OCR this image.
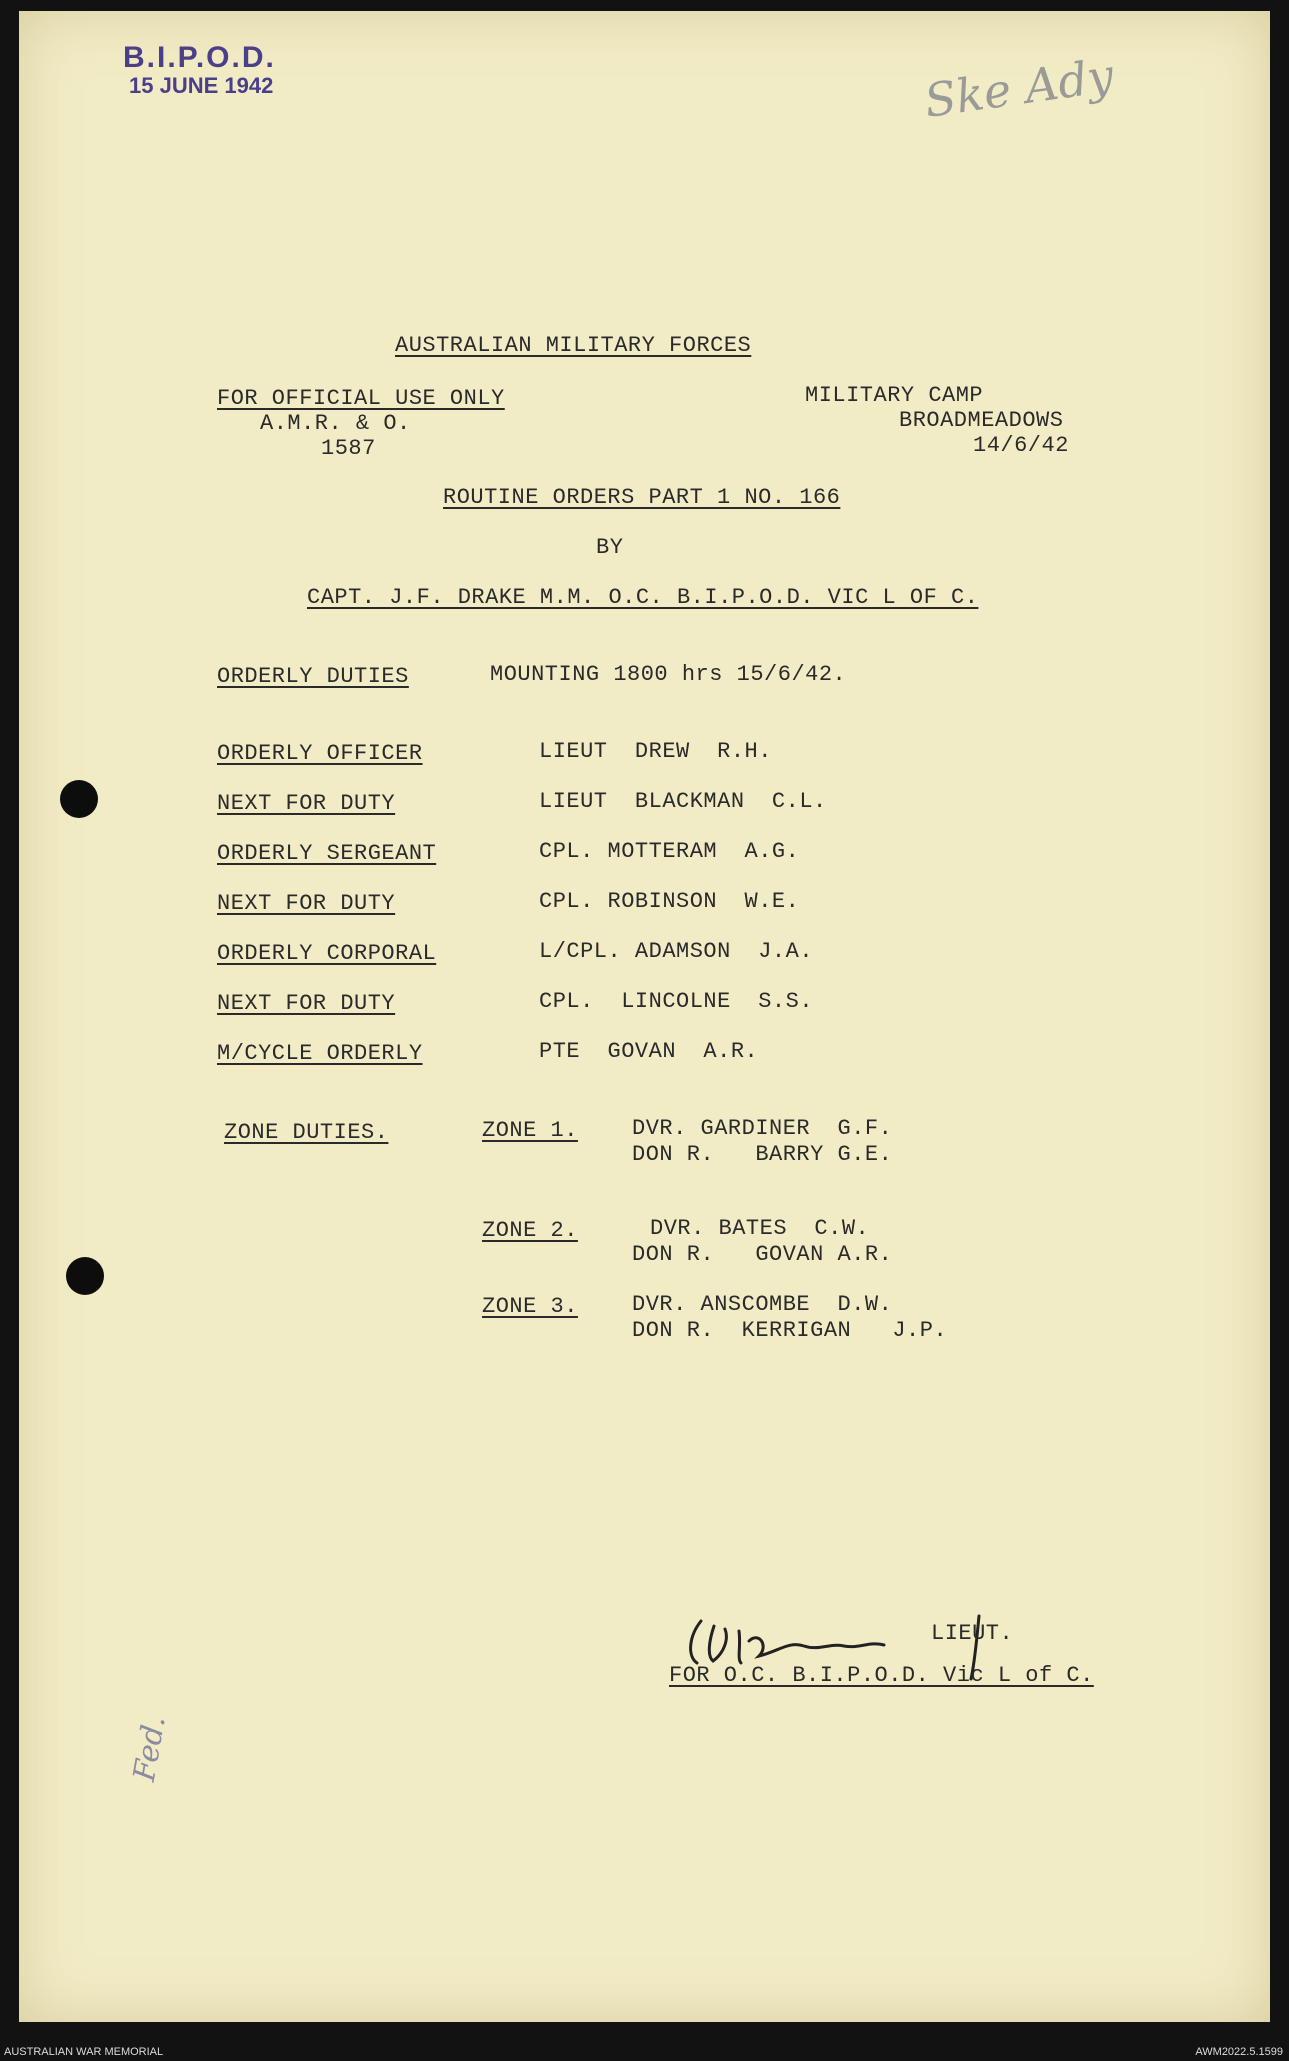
B.I.P.O.D.
15 JUNE 1942	Ske Ady
AUSTRALIAN MILITARY FORCES
FOR OFFICIAL USE ONLY
A.M.R. & O.
1587
MILITARY CAMP
BROADMEADOWS
14/6/42
ROUTINE ORDERS PART 1 NO. 166
BY
CAPT. J.F. DRAKE M.M. O.C. B.I.P.O.D. VIC L OF C.
ORDERLY DUTIES	MOUNTING 1800 hrs 15/6/42.
ORDERLY OFFICER	LIEUT  DREW  R.H.
NEXT FOR DUTY	LIEUT  BLACKMAN  C.L.
ORDERLY SERGEANT	CPL. MOTTERAM  A.G.
NEXT FOR DUTY	CPL. ROBINSON  W.E.
ORDERLY CORPORAL	L/CPL. ADAMSON  J.A.
NEXT FOR DUTY	CPL.  LINCOLNE  S.S.
M/CYCLE ORDERLY	PTE  GOVAN  A.R.
ZONE DUTIES.	ZONE 1. DVR. GARDINER  G.F.
DON R.   BARRY G.E.
ZONE 2.	DVR. BATES  C.W.
DON R.   GOVAN A.R.
ZONE 3. DVR. ANSCOMBE  D.W.
DON R.  KERRIGAN   J.P.
LIEUT.
FOR O.C. B.I.P.O.D. Vic L of C.
Fed.
AUSTRALIAN WAR MEMORIAL	AWM2022.5.1599
